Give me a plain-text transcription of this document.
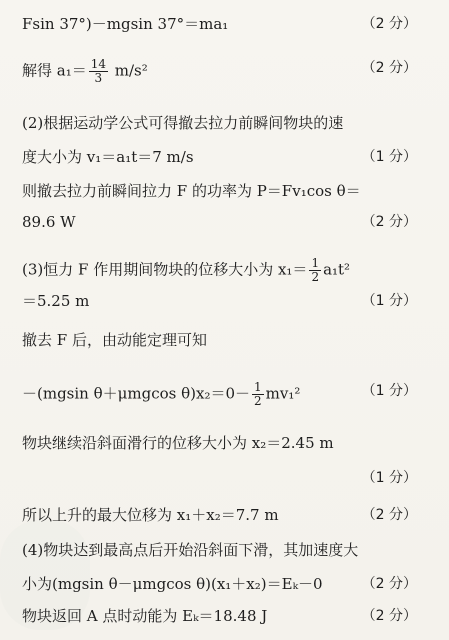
Fsin 37°)－mgsin 37°＝ma₁	（2 分）
解得 $a_1= \frac{14}{3} m/s^2$	（2 分）
(2)根据运动学公式可得撤去拉力前瞬间物块的速
度大小为 v₁＝a₁t＝7 m/s	（1 分）
则撤去拉力前瞬间拉力 F 的功率为 P＝Fv₁cos θ＝
89.6 W	（2 分）
(3)恒力 F 作用期间物块的位移大小为 $x_1= \frac{1}{2} a_1t^2$
＝5.25 m	（1 分）
撤去 F 后，由动能定理可知
－(mgsin θ＋μmgcos $\theta)x_2=0- \frac{1}{2} mv_1^2$	（1 分）
物块继续沿斜面滑行的位移大小为 x₂＝2.45 m
（1 分）
所以上升的最大位移为 x₁＋x₂＝7.7 m	（2 分）
(4)物块达到最高点后开始沿斜面下滑，其加速度大
小为(mgsin θ－μmgcos θ)(x₁＋x₂)＝Eₖ－0	（2 分）
物块返回 A 点时动能为 Eₖ＝18.48 J	（2 分）
